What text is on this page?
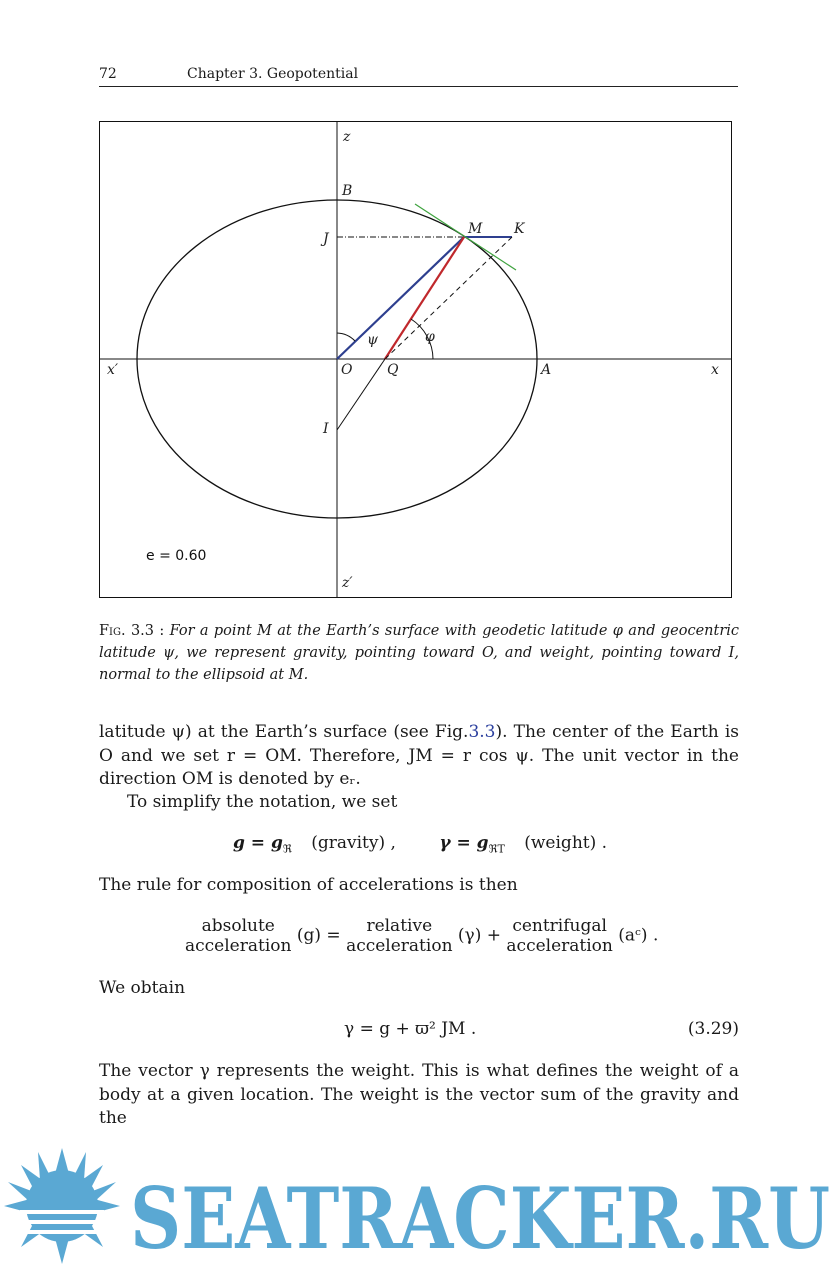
72	Chapter 3. Geopotential
z
B
J
M K
ψ	φ
x′	O Q	A	x
I
z′
e = 0.60
Fig. 3.3 : For a point M at the Earth’s surface with geodetic latitude φ and geocentric latitude ψ, we represent gravity, pointing toward O, and weight, pointing toward I, normal to the ellipsoid at M.
latitude ψ) at the Earth’s surface (see Fig.3.3). The center of the Earth is O and we set r = OM. Therefore, JM = r cos ψ. The unit vector in the direction OM is denoted by eᵣ.
To simplify the notation, we set
$g = g_ℜ$ (gravity) ,	$\gamma = g_{ℜT}$ (weight) .
The rule for composition of accelerations is then
absolute
acceleration (g) = relative
acceleration (γ) + centrifugal
acceleration (aᶜ) .
We obtain
γ = g + ϖ² JM .	(3.29)
The vector γ represents the weight. This is what defines the weight of a body at a given location. The weight is the vector sum of the gravity and the
SEATRACKER.RU
